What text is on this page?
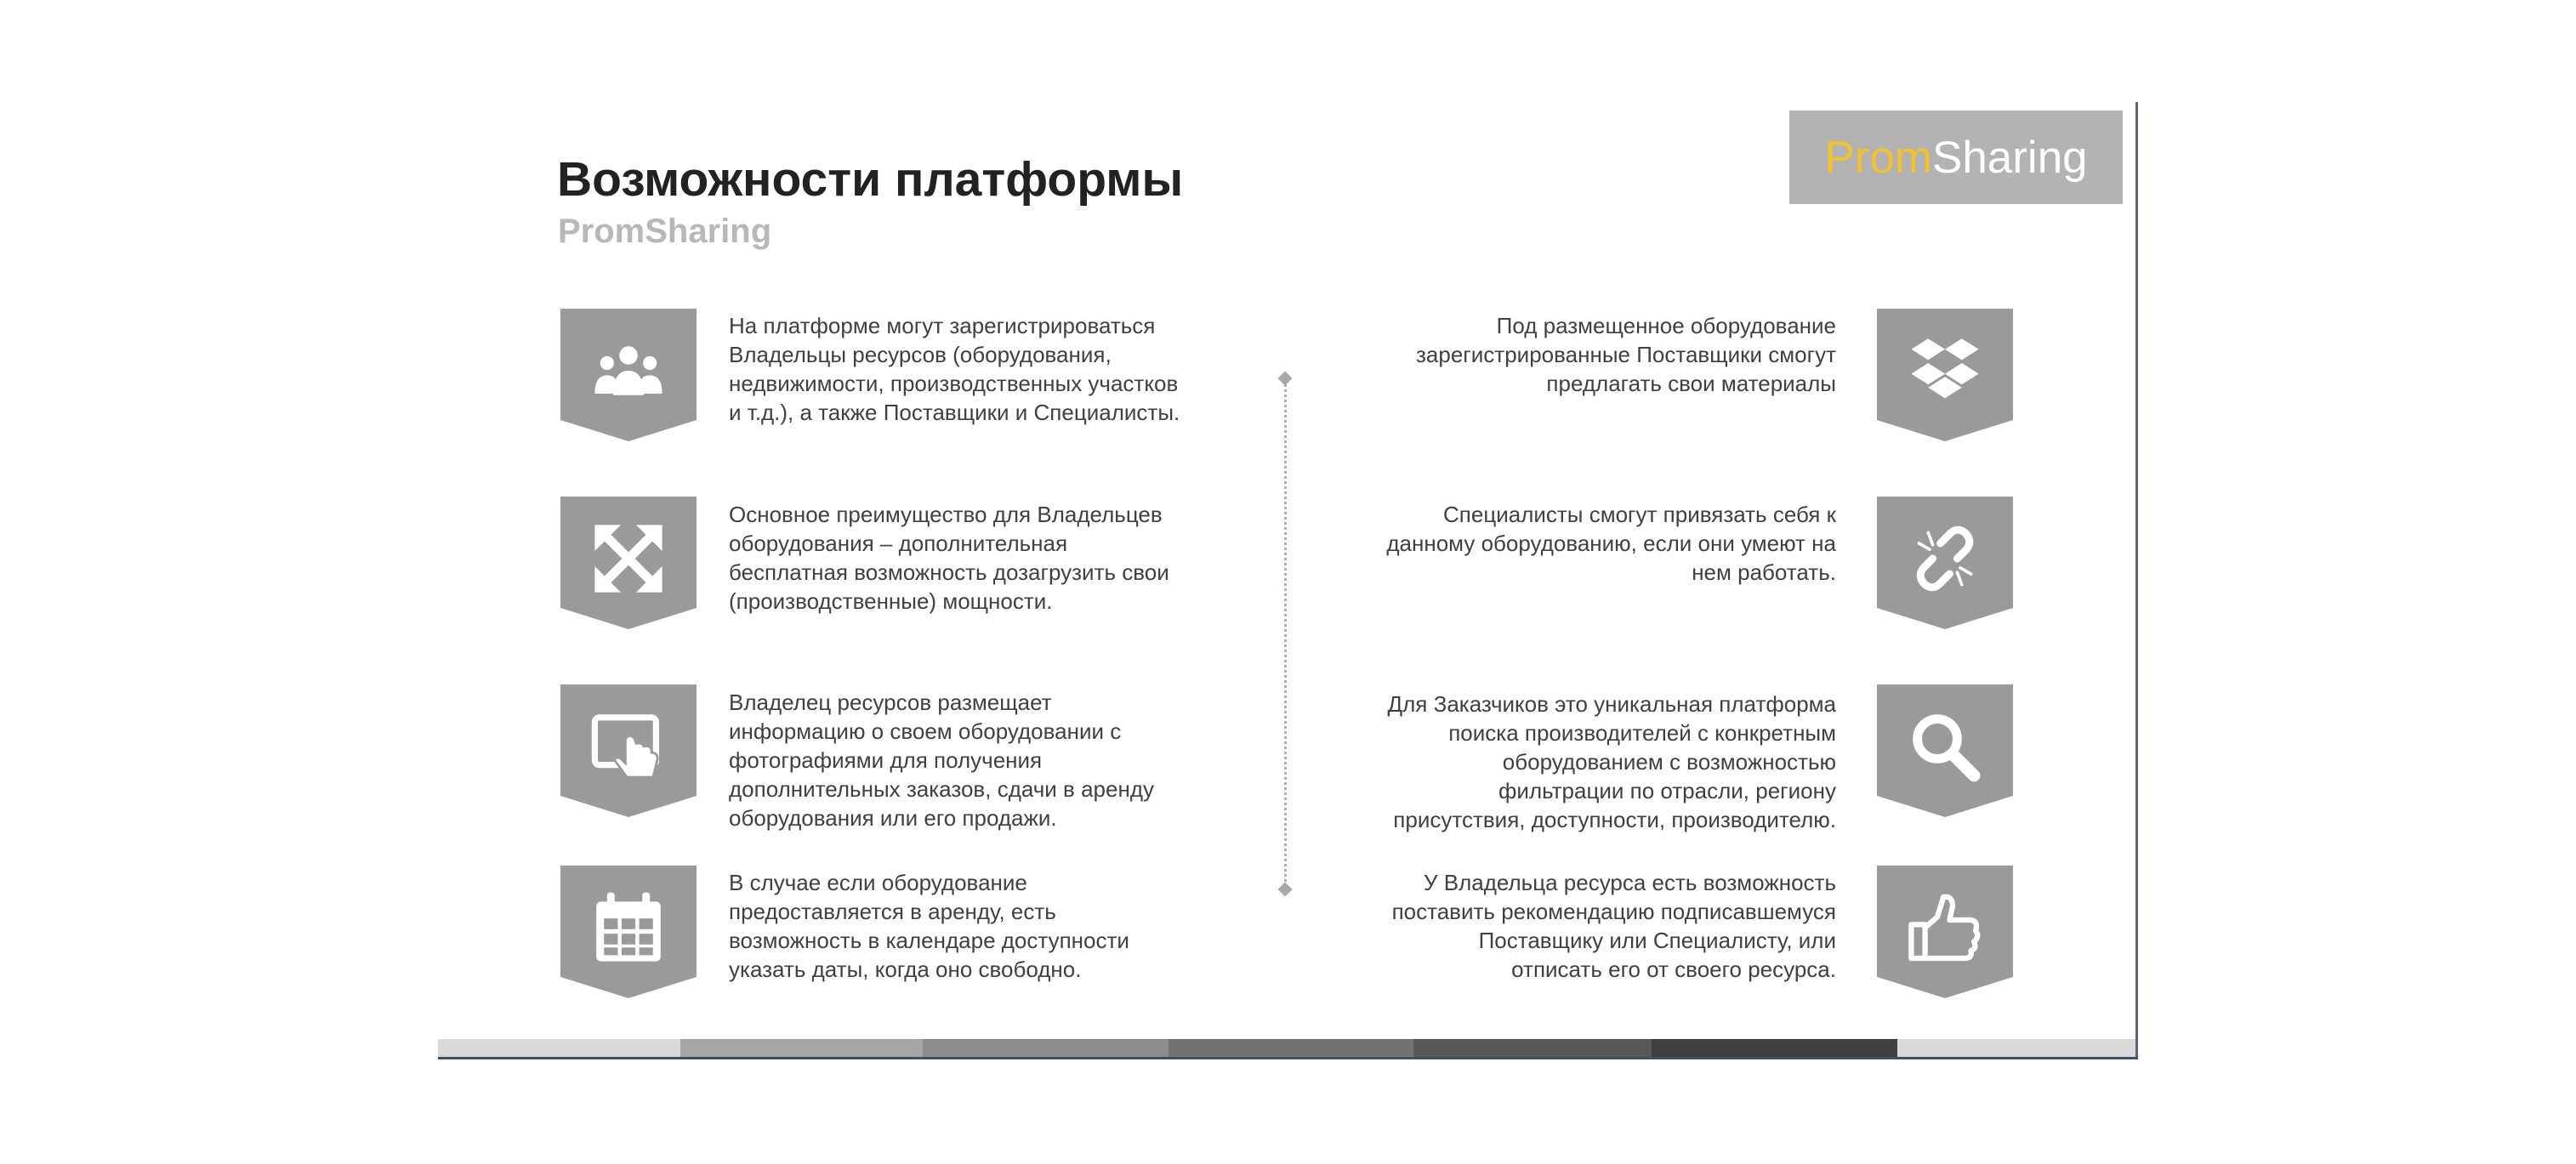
Prom Sharing
Возможности платформы
PromSharing
На платформе могут зарегистрироваться
Владельцы ресурсов (оборудования,
недвижимости, производственных участков
и т.д.), а также Поставщики и Специалисты.
Основное преимущество для Владельцев
оборудования – дополнительная
бесплатная возможность дозагрузить свои
(производственные) мощности.
Владелец ресурсов размещает
информацию о своем оборудовании с
фотографиями для получения
дополнительных заказов, сдачи в аренду
оборудования или его продажи.
В случае если оборудование
предоставляется в аренду, есть
возможность в календаре доступности
указать даты, когда оно свободно.
Под размещенное оборудование
зарегистрированные Поставщики смогут
предлагать свои материалы
Специалисты смогут привязать себя к
данному оборудованию, если они умеют на
нем работать.
Для Заказчиков это уникальная платформа
поиска производителей с конкретным
оборудованием с возможностью
фильтрации по отрасли, региону
присутствия, доступности, производителю.
У Владельца ресурса есть возможность
поставить рекомендацию подписавшемуся
Поставщику или Специалисту, или
отписать его от своего ресурса.
